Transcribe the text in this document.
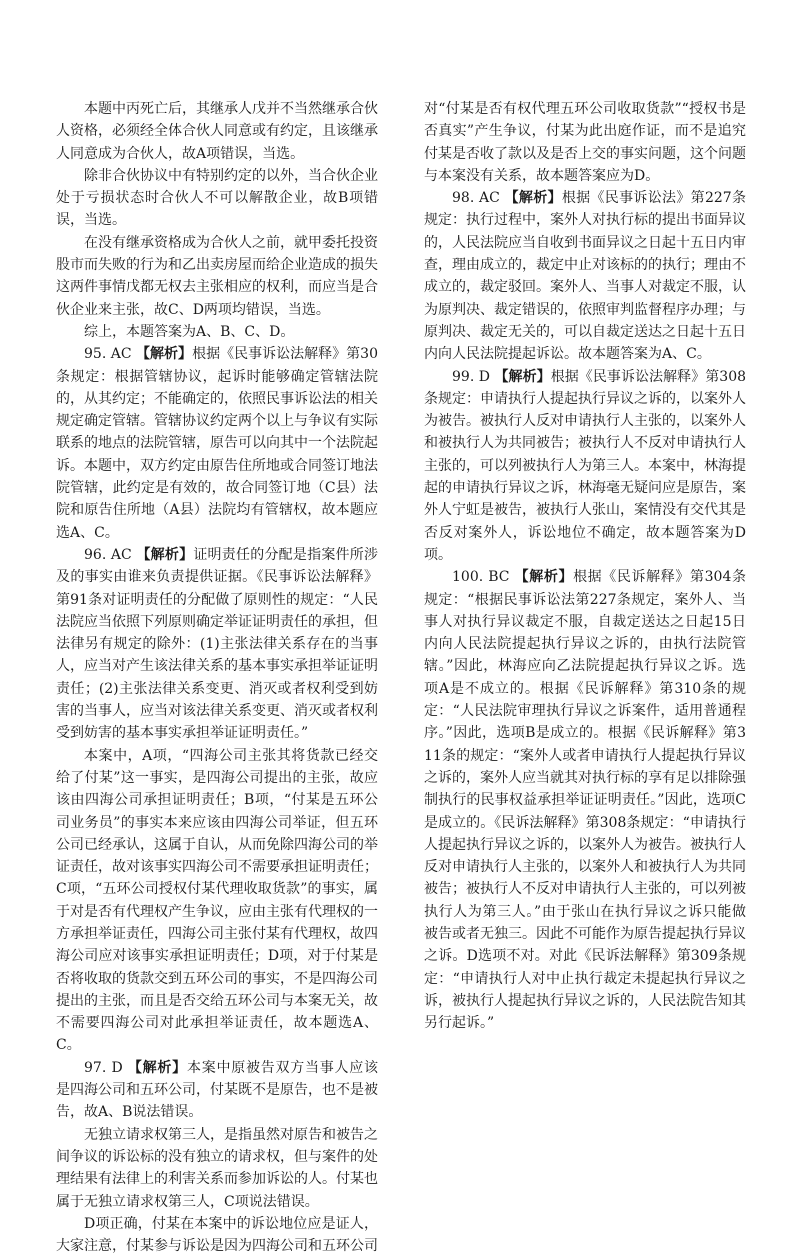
本题中丙死亡后，其继承人戊并不当然继承合伙人资格，必须经全体合伙人同意或有约定，且该继承人同意成为合伙人，故A项错误，当选。

除非合伙协议中有特别约定的以外，当合伙企业处于亏损状态时合伙人不可以解散企业，故B项错误，当选。

在没有继承资格成为合伙人之前，就甲委托投资股市而失败的行为和乙出卖房屋而给企业造成的损失这两件事情戊都无权去主张相应的权利，而应当是合伙企业来主张，故C、D两项均错误，当选。

综上，本题答案为A、B、C、D。

95. AC 【解析】根据《民事诉讼法解释》第30条规定：根据管辖协议，起诉时能够确定管辖法院的，从其约定；不能确定的，依照民事诉讼法的相关规定确定管辖。管辖协议约定两个以上与争议有实际联系的地点的法院管辖，原告可以向其中一个法院起诉。本题中，双方约定由原告住所地或合同签订地法院管辖，此约定是有效的，故合同签订地（C县）法院和原告住所地（A县）法院均有管辖权，故本题应选A、C。

96. AC 【解析】证明责任的分配是指案件所涉及的事实由谁来负责提供证据。《民事诉讼法解释》第91条对证明责任的分配做了原则性的规定：“人民法院应当依照下列原则确定举证证明责任的承担，但法律另有规定的除外：(1)主张法律关系存在的当事人，应当对产生该法律关系的基本事实承担举证证明责任；(2)主张法律关系变更、消灭或者权利受到妨害的当事人，应当对该法律关系变更、消灭或者权利受到妨害的基本事实承担举证证明责任。”

本案中，A项，“四海公司主张其将货款已经交给了付某”这一事实，是四海公司提出的主张，故应该由四海公司承担证明责任；B项，“付某是五环公司业务员”的事实本来应该由四海公司举证，但五环公司已经承认，这属于自认，从而免除四海公司的举证责任，故对该事实四海公司不需要承担证明责任；C项，“五环公司授权付某代理收取货款”的事实，属于对是否有代理权产生争议，应由主张有代理权的一方承担举证责任，四海公司主张付某有代理权，故四海公司应对该事实承担证明责任；D项，对于付某是否将收取的货款交到五环公司的事实，不是四海公司提出的主张，而且是否交给五环公司与本案无关，故不需要四海公司对此承担举证责任，故本题选A、C。

97. D 【解析】本案中原被告双方当事人应该是四海公司和五环公司，付某既不是原告，也不是被告，故A、B说法错误。

无独立请求权第三人，是指虽然对原告和被告之间争议的诉讼标的没有独立的请求权，但与案件的处理结果有法律上的利害关系而参加诉讼的人。付某也属于无独立请求权第三人，C项说法错误。

D项正确，付某在本案中的诉讼地位应是证人，大家注意，付某参与诉讼是因为四海公司和五环公司

对“付某是否有权代理五环公司收取货款”“授权书是否真实”产生争议，付某为此出庭作证，而不是追究付某是否收了款以及是否上交的事实问题，这个问题与本案没有关系，故本题答案应为D。

98. AC 【解析】根据《民事诉讼法》第227条规定：执行过程中，案外人对执行标的提出书面异议的，人民法院应当自收到书面异议之日起十五日内审查，理由成立的，裁定中止对该标的的执行；理由不成立的，裁定驳回。案外人、当事人对裁定不服，认为原判决、裁定错误的，依照审判监督程序办理；与原判决、裁定无关的，可以自裁定送达之日起十五日内向人民法院提起诉讼。故本题答案为A、C。

99. D 【解析】根据《民事诉讼法解释》第308条规定：申请执行人提起执行异议之诉的，以案外人为被告。被执行人反对申请执行人主张的，以案外人和被执行人为共同被告；被执行人不反对申请执行人主张的，可以列被执行人为第三人。本案中，林海提起的申请执行异议之诉，林海毫无疑问应是原告，案外人宁虹是被告，被执行人张山，案情没有交代其是否反对案外人，诉讼地位不确定，故本题答案为D项。

100. BC 【解析】根据《民诉解释》第304条规定：“根据民事诉讼法第227条规定，案外人、当事人对执行异议裁定不服，自裁定送达之日起15日内向人民法院提起执行异议之诉的，由执行法院管辖。”因此，林海应向乙法院提起执行异议之诉。选项A是不成立的。根据《民诉解释》第310条的规定：“人民法院审理执行异议之诉案件，适用普通程序。”因此，选项B是成立的。根据《民诉解释》第311条的规定：“案外人或者申请执行人提起执行异议之诉的，案外人应当就其对执行标的享有足以排除强制执行的民事权益承担举证证明责任。”因此，选项C是成立的。《民诉法解释》第308条规定：“申请执行人提起执行异议之诉的，以案外人为被告。被执行人反对申请执行人主张的，以案外人和被执行人为共同被告；被执行人不反对申请执行人主张的，可以列被执行人为第三人。”由于张山在执行异议之诉只能做被告或者无独三。因此不可能作为原告提起执行异议之诉。D选项不对。对此《民诉法解释》第309条规定：“申请执行人对中止执行裁定未提起执行异议之诉，被执行人提起执行异议之诉的，人民法院告知其另行起诉。”
